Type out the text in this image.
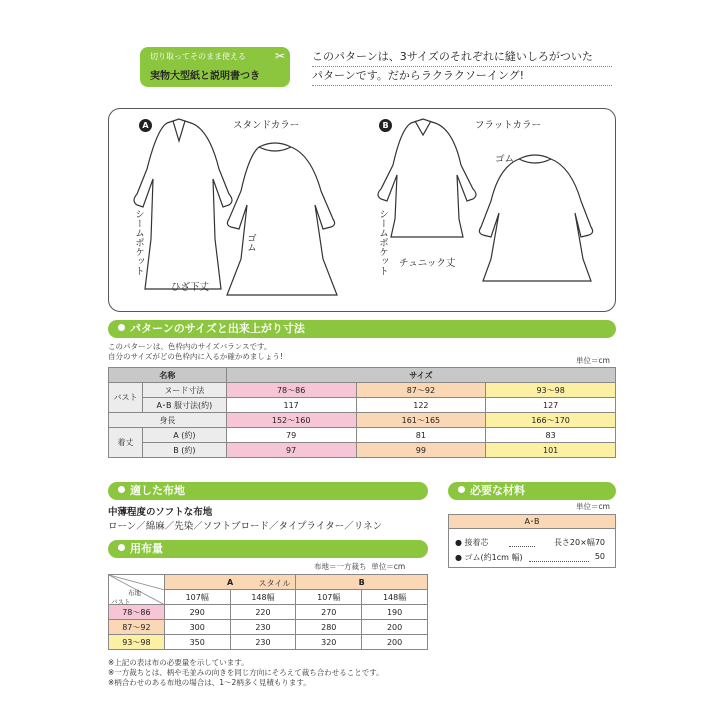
切り取ってそのまま使える
実物大型紙と説明書つき
✂ このパターンは、3サイズのそれぞれに縫いしろがついた
パターンです。だからラクラクソーイング!
A	B
スタンドカラー	フラットカラー
シームポケット	シームポケット
ゴム
ゴム
ひざ下丈
チュニック丈
パターンのサイズと出来上がり寸法
このパターンは、色枠内のサイズバランスです。
自分のサイズがどの色枠内に入るか確かめましょう!	単位＝cm
名称		サイズ		
バスト	ヌード寸法	78～86	87～92	93～98
	A･B 服寸法(約)	117	122	127
身長		152～160	161～165	166～170
着丈	A (約)	79	81	83
	B (約)	97	99	101
適した布地
中薄程度のソフトな布地
ローン／綿麻／先染／ソフトブロード／タイプライター／リネン
必要な材料
単位＝cm
A･B
● 接着芯	長さ20×幅70
● ゴム(約1cm 幅)	50
用布量
布地＝一方裁ち 単位＝cm

スタイル
A		B	
	107幅	148幅	107幅	148幅
78～86	290	220	270	190
87～92	300	230	280	200
93～98	350	230	320	200
布地
バスト
※上記の表は布の必要量を示しています。
※一方裁ちとは、柄や毛並みの向きを同じ方向にそろえて裁ち合わせることです。
※柄合わせのある布地の場合は、1～2柄多く見積もります。
